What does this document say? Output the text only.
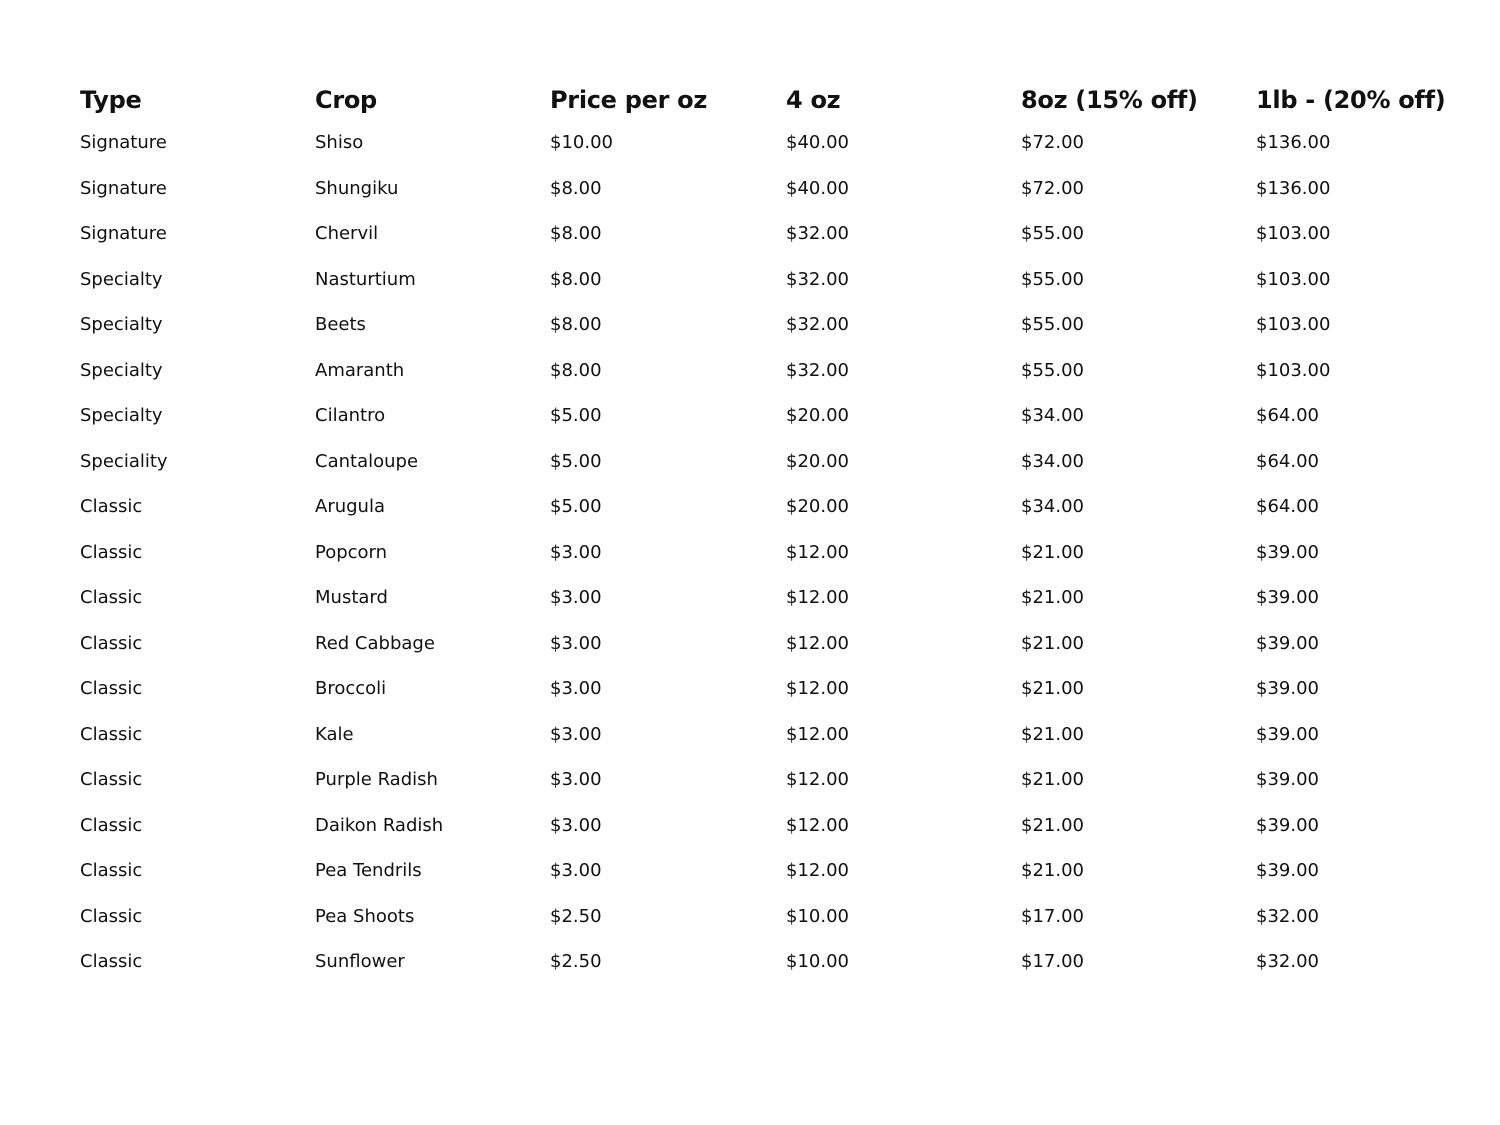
Type	Crop	Price per oz	4 oz	8oz (15% off)	1lb - (20% off)
Signature	Shiso	$10.00	$40.00	$72.00	$136.00
Signature	Shungiku	$8.00	$40.00	$72.00	$136.00
Signature	Chervil	$8.00	$32.00	$55.00	$103.00
Specialty	Nasturtium	$8.00	$32.00	$55.00	$103.00
Specialty	Beets	$8.00	$32.00	$55.00	$103.00
Specialty	Amaranth	$8.00	$32.00	$55.00	$103.00
Specialty	Cilantro	$5.00	$20.00	$34.00	$64.00
Speciality	Cantaloupe	$5.00	$20.00	$34.00	$64.00
Classic	Arugula	$5.00	$20.00	$34.00	$64.00
Classic	Popcorn	$3.00	$12.00	$21.00	$39.00
Classic	Mustard	$3.00	$12.00	$21.00	$39.00
Classic	Red Cabbage	$3.00	$12.00	$21.00	$39.00
Classic	Broccoli	$3.00	$12.00	$21.00	$39.00
Classic	Kale	$3.00	$12.00	$21.00	$39.00
Classic	Purple Radish	$3.00	$12.00	$21.00	$39.00
Classic	Daikon Radish	$3.00	$12.00	$21.00	$39.00
Classic	Pea Tendrils	$3.00	$12.00	$21.00	$39.00
Classic	Pea Shoots	$2.50	$10.00	$17.00	$32.00
Classic	Sunflower	$2.50	$10.00	$17.00	$32.00
